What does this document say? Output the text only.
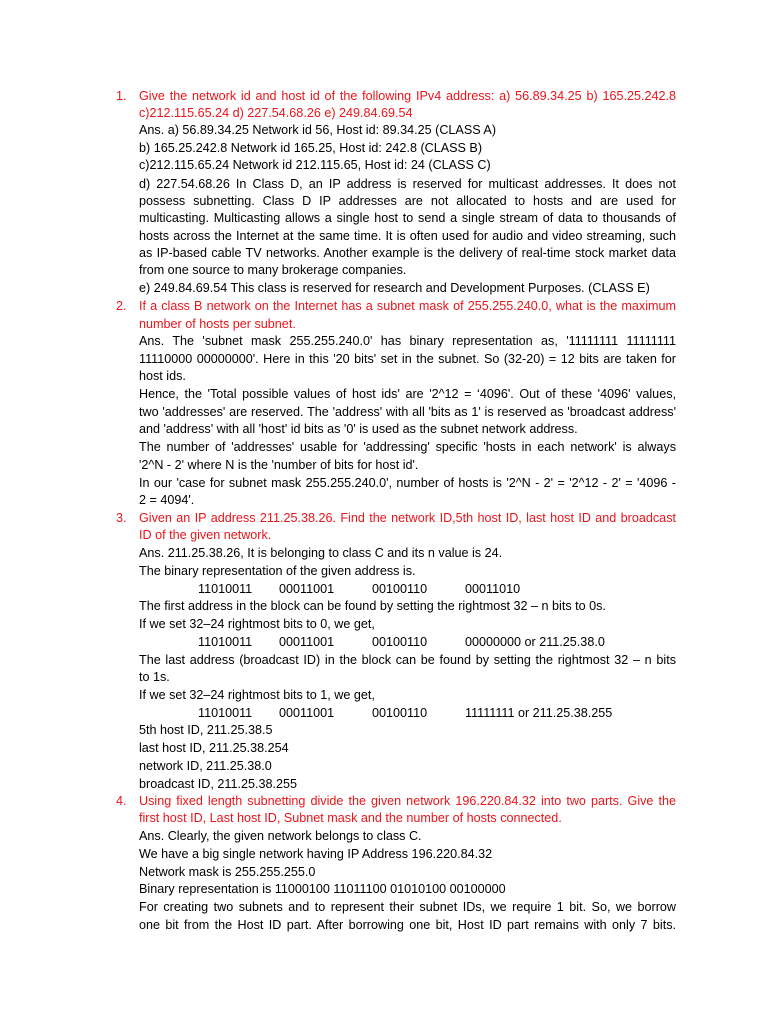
1. Give the network id and host id of the following IPv4 address: a) 56.89.34.25 b) 165.25.242.8
c)212.115.65.24 d) 227.54.68.26 e) 249.84.69.54
Ans. a) 56.89.34.25 Network id 56, Host id: 89.34.25 (CLASS A)
b) 165.25.242.8 Network id 165.25, Host id: 242.8 (CLASS B)
c)212.115.65.24 Network id 212.115.65, Host id: 24 (CLASS C)
d) 227.54.68.26 In Class D, an IP address is reserved for multicast addresses. It does not
possess subnetting. Class D IP addresses are not allocated to hosts and are used for
multicasting. Multicasting allows a single host to send a single stream of data to thousands of
hosts across the Internet at the same time. It is often used for audio and video streaming, such
as IP-based cable TV networks. Another example is the delivery of real-time stock market data
from one source to many brokerage companies.
e) 249.84.69.54 This class is reserved for research and Development Purposes. (CLASS E)
2. If a class B network on the Internet has a subnet mask of 255.255.240.0, what is the maximum
number of hosts per subnet.
Ans. The 'subnet mask 255.255.240.0' has binary representation as, '11111111 11111111
11110000 00000000'. Here in this '20 bits' set in the subnet. So (32-20) = 12 bits are taken for
host ids.
Hence, the 'Total possible values of host ids' are '2^12 = ‘4096'. Out of these '4096' values,
two 'addresses' are reserved. The 'address' with all 'bits as 1' is reserved as 'broadcast address'
and 'address' with all 'host' id bits as '0' is used as the subnet network address.
The number of 'addresses' usable for 'addressing' specific 'hosts in each network' is always
'2^N - 2' where N is the 'number of bits for host id'.
In our 'case for subnet mask 255.255.240.0', number of hosts is '2^N - 2' = '2^12 - 2' = '4096 -
2 = 4094'.
3. Given an IP address 211.25.38.26. Find the network ID,5th host ID, last host ID and broadcast
ID of the given network.
Ans. 211.25.38.26, It is belonging to class C and its n value is 24.
The binary representation of the given address is.
11010011 00011001	00100110	00011010
The first address in the block can be found by setting the rightmost 32 – n bits to 0s.
If we set 32–24 rightmost bits to 0, we get,
11010011 00011001	00100110	00000000 or 211.25.38.0
The last address (broadcast ID) in the block can be found by setting the rightmost 32 – n bits
to 1s.
If we set 32–24 rightmost bits to 1, we get,
11010011 00011001	00100110	11111111 or 211.25.38.255
5th host ID, 211.25.38.5
last host ID, 211.25.38.254
network ID, 211.25.38.0
broadcast ID, 211.25.38.255
4. Using fixed length subnetting divide the given network 196.220.84.32 into two parts. Give the
first host ID, Last host ID, Subnet mask and the number of hosts connected.
Ans. Clearly, the given network belongs to class C.
We have a big single network having IP Address 196.220.84.32
Network mask is 255.255.255.0
Binary representation is 11000100 11011100 01010100 00100000
For creating two subnets and to represent their subnet IDs, we require 1 bit. So, we borrow
one bit from the Host ID part. After borrowing one bit, Host ID part remains with only 7 bits.
